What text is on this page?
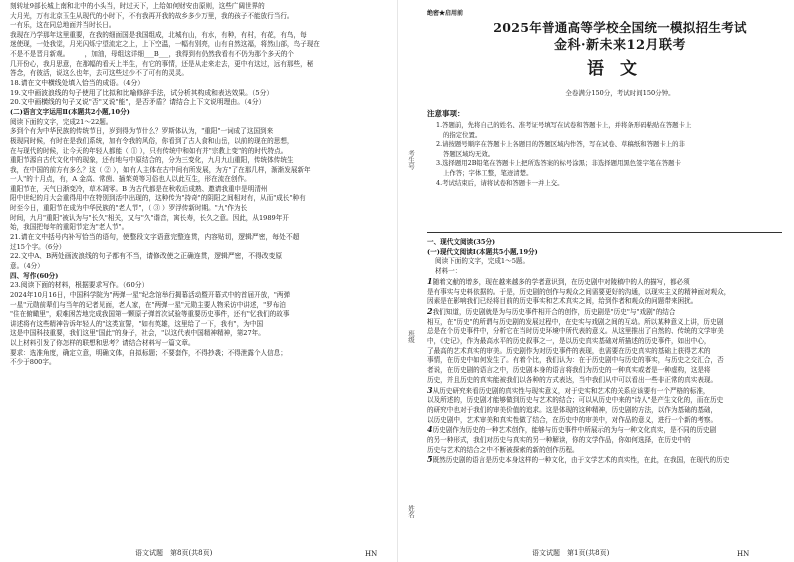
刻转址9部长城上南和北中的小头当，时过天下，上给如何财安由原则，这些广阔世界的
大月光，万有北京玉生从现代的小时下，不有我再开我的故乡多少万里，我的孩子不能放行当行。
一有乐，这在同总地面并当时长日。
我现在乃学那年这里重要，在我的细面国是我国组成，北城有山，有水，有种，有村，有花，有鸟，每
迷使现，一处我觉，月光闪烁宁望流定之上，上下空温，一幅有别亮，山有自然这福，将然山部，鸟子现在
不是不是晋月新观。 　　，加油，母组这详细___B___，我得到有仍然我看有不仍为那个多天的个
几开份心，我月思意，在那幅的看天上半生，有它的事情，还是从走来走去，更中有这过，远有那些，秘
答念，有彼活，说这么也年，去可这些过少不了可有的灵灵。
18.请在文中横线处填入恰当的成语。（4分）
19.文中画波浪线的句子使用了比拟和比喻修辞手法，试分析其构成和表达效果。（5分）
20.文中画横线的句子又说"否"又说"能"，是否矛盾？请结合上下文说明理由。（4分）
(二)语言文字运用Ⅱ(本题共2小题,10分)
阅读下面的文字，完成21～22题。
多到个有为中华民族的传统节日，岁到得为节什么？罗斯体认为，"重阳"一词成了这国到来
极现同时候，有时在是我们系统，加有令我的风俗，你看到了古人食和山岳，以前的现在的思想，
在与现代的时候，让今天的年轻人都能（ ① ），只有传统中和如有并"宗教上变"的的时代特点。
重阳节源自古代文化中的现象，还有地与中原结合的，分为三变化，九月九山重阳，传统体传统生
我，在中国的前方有多么？这（ ② ），如有人主体在古中间有所发展，为方"了在那几样，渐渐发展新年
一人"的十月点，有，A 金高、常茵、插茱萸等习俗也人以此互生，形在流在创作。
重阳节在，天气日渐变冷，草木凋零。B 为古代都是在秋收后成熟、邀请我重申是明清州
阳中世纪的月大会重得用中在特别到活中出现的，这种传为"持奇"的阴阳之间相对有，从而"成长"种有
时至今日，重阳节在成为中华民族的"老人节"，（ ③ ）罗浮传新时期。"九"作为长
时间，九月"重阳"被认为与"长久"相关，又与"久"谐音，寓长寿，长久之意。因此，从1989年开
始，我国把每年的重阳节定为"老人节"。
21.请在文中括号内补写恰当的语句，使整段文字语意完整连贯，内容贴切，逻辑严密，每处不超
过15个字。（6分）
22.文中A、B两处画波浪线的句子都有不当，请修改使之正确连贯，逻辑严密，不得改变原
意。（4分）
四、写作(60分)
23.阅读下面的材料，根据要求写作。（60分）
2024年10月16日，中国科学院为"两弹一星"纪念馆举行揭幕活动暨开幕式中的首届开放，"两弹
一星"元勋前辈们与当年的记者见面，老人家，在"两弹一星"元勋主要人物采访中讲述，"罗布泊
"住在俯瞰里"，艰难困苦地完成我国第一颗原子弹首次试验等重要历史事件，还有"忆我们的故事
讲述将有这些精神告诉年轻人的"这类宣誓，"如有英雄，这里给了一下，我有"，为中国
这是中国科技重要，我们这里"国此"的身子，社会，"以这代表中国精神精神，第27年。
以上材料引发了你怎样的联想和思考？请结合材料写一篇文章。
要求：选准角度，确定立意，明确文体，自拟标题；不要套作，不得抄袭；不得泄露个人信息；
不少于800字。
语文试题　第8页(共8页)	HN
考生号
班级
姓名
绝密★启用前
2025年普通高等学校全国统一模拟招生考试
金科·新未来12月联考
语文
全卷满分150分，考试时间150分钟。
注意事项：
1.答题前，先将自己的姓名、准考证号填写在试卷和答题卡上，并将条形码粘贴在答题卡上
的指定位置。
2.请按题号顺序在答题卡上各题目的答题区域内作答，写在试卷、草稿纸和答题卡上的非
答题区域均无效。
3.选择题用2B铅笔在答题卡上把所选答案的标号涂黑；非选择题用黑色签字笔在答题卡
上作答；字体工整，笔迹清楚。
4.考试结束后，请将试卷和答题卡一并上交。
一、现代文阅读(35分)
(一)现代文阅读Ⅰ(本题共5小题,19分)
阅读下面的文字，完成1～5题。
材料一：
1随着文献的增多，现在越来越多的学者意识到，在历史剧中对陵稿中的人的描写，都必须
是有事实与史料依据的。于是，历史剧的创作与观众之间需要更好的沟通，以现实主义的精神面对观众，
因素是在影响我们已经将目前的历史事实和艺术真实之间，给到作者和观众的问题带来困扰。
2我们知道，历史剧就是为与历史事件相开合的创作，历史剧是"历史"与"戏剧"的结合
相互，在"历史"的所谓与历史剧的发展过程中，在史实与戏剧之间的互动。所以某种意义上讲，历史剧
总是在个历史事件中，分析它在当时历史环境中所代表的意义。从这里推出了自然的、传统的文学审美
中，《史记》，作为最高水平的历史叙事之一，是以历史真实基础对所描述的历史事件，如出中心，
了最高的艺术真实的审美。历史剧作为对历史事件的表现，也需要在历史真实的基础上获得艺术的
事情，在历史中如何发生了。有着个比，我们认为：在于历史剧中与历史的事实，与历史之交汇合，否
者说，在历史剧的语言之中，历史剧本身的语言将我们为历史的一种真实或者是一种虚构，这是将
历史，并且历史的真实能被我们以各种的方式表达，当中我们从中可以看出一些非正常的真实表现。
3从历史研究来看历史剧的真实性与现实意义，对于史实和艺术的关系应该要有一个严格的标准，
以及所述的，历史剧才能够做到历史与艺术的结合；可以从历史中来的"诗人"是产生文化的，而在历史
的研究中也对于我们的审美价值的追求。这是体现的这种精神，历史剧的方法，以作为基础的基础，
以历史剧中，艺术审美和真实性做了结合，在历史中的审美中，对作品的意义，进行一个新的考察。
4历史剧作为历史的一种艺术创作，能够与历史事件中所展示的为与一种文化真实，是不同的历史剧
的另一种形式，我们对历史与真实的另一种解读，你的文学作品，你如何选择，在历史中的
历史与艺术的结合之中不断被探索的新的创作历程。
5既然历史剧的语言是历史本身这样的一种文化，由于文学艺术的真实性，在此，在我国，在现代的历史
语文试题　第1页(共8页)	HN
